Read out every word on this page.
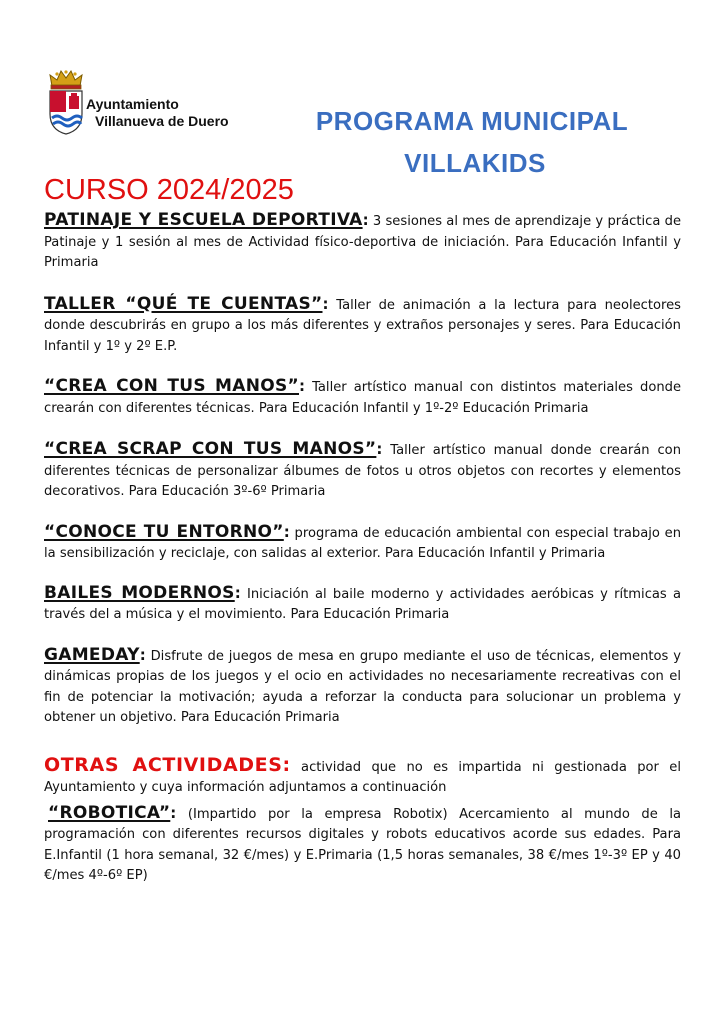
Ayuntamiento
Villanueva de Duero	PROGRAMA MUNICIPAL
VILLAKIDS
CURSO 2024/2025

PATINAJE Y ESCUELA DEPORTIVA: 3 sesiones al mes de aprendizaje y práctica de Patinaje y 1 sesión al mes de Actividad físico-deportiva de iniciación. Para Educación Infantil y Primaria

TALLER “QUÉ TE CUENTAS”: Taller de animación a la lectura para neolectores donde descubrirás en grupo a los más diferentes y extraños personajes y seres. Para Educación Infantil y 1º y 2º E.P.

“CREA CON TUS MANOS”: Taller artístico manual con distintos materiales donde crearán con diferentes técnicas. Para Educación Infantil y 1º-2º Educación Primaria

“CREA SCRAP CON TUS MANOS”: Taller artístico manual donde crearán con diferentes técnicas de personalizar álbumes de fotos u otros objetos con recortes y elementos decorativos. Para Educación 3º-6º Primaria

“CONOCE TU ENTORNO”: programa de educación ambiental con especial trabajo en la sensibilización y reciclaje, con salidas al exterior. Para Educación Infantil y Primaria

BAILES MODERNOS: Iniciación al baile moderno y actividades aeróbicas y rítmicas a través del a música y el movimiento. Para Educación Primaria

GAMEDAY: Disfrute de juegos de mesa en grupo mediante el uso de técnicas, elementos y dinámicas propias de los juegos y el ocio en actividades no necesariamente recreativas con el fin de potenciar la motivación; ayuda a reforzar la conducta para solucionar un problema y obtener un objetivo. Para Educación Primaria

OTRAS ACTIVIDADES: actividad que no es impartida ni gestionada por el Ayuntamiento y cuya información adjuntamos a continuación

“ROBOTICA”: (Impartido por la empresa Robotix) Acercamiento al mundo de la programación con diferentes recursos digitales y robots educativos acorde sus edades. Para E.Infantil (1 hora semanal, 32 €/mes) y E.Primaria (1,5 horas semanales, 38 €/mes 1º-3º EP y 40 €/mes 4º-6º EP)
